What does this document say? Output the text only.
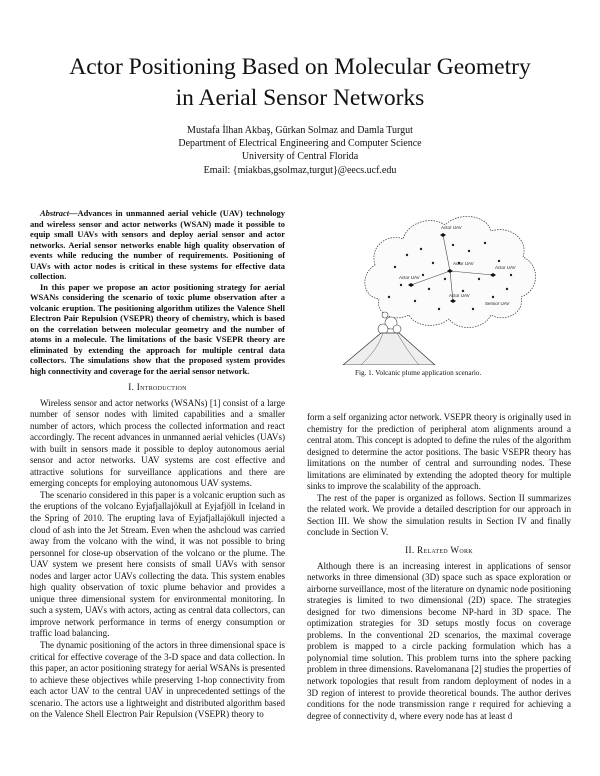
Actor Positioning Based on Molecular Geometry
in Aerial Sensor Networks
Mustafa İlhan Akbaş, Gürkan Solmaz and Damla Turgut
Department of Electrical Engineering and Computer Science
University of Central Florida
Email: {miakbas,gsolmaz,turgut}@eecs.ucf.edu

Abstract—Advances in unmanned aerial vehicle (UAV) technology and wireless sensor and actor networks (WSAN) made it possible to equip small UAVs with sensors and deploy aerial sensor and actor networks. Aerial sensor networks enable high quality observation of events while reducing the number of requirements. Positioning of UAVs with actor nodes is critical in these systems for effective data collection.

In this paper we propose an actor positioning strategy for aerial WSANs considering the scenario of toxic plume observation after a volcanic eruption. The positioning algorithm utilizes the Valence Shell Electron Pair Repulsion (VSEPR) theory of chemistry, which is based on the correlation between molecular geometry and the number of atoms in a molecule. The limitations of the basic VSEPR theory are eliminated by extending the approach for multiple central data collectors. The simulations show that the proposed system provides high connectivity and coverage for the aerial sensor network.

I. Introduction

Wireless sensor and actor networks (WSANs) [1] consist of a large number of sensor nodes with limited capabilities and a smaller number of actors, which process the collected information and react accordingly. The recent advances in unmanned aerial vehicles (UAVs) with built in sensors made it possible to deploy autonomous aerial sensor and actor networks. UAV systems are cost effective and attractive solutions for surveillance applications and there are emerging concepts for employing autonomous UAV systems.

The scenario considered in this paper is a volcanic eruption such as the eruptions of the volcano Eyjafjallajökull at Eyjafjöll in Iceland in the Spring of 2010. The erupting lava of Eyjafjallajökull injected a cloud of ash into the Jet Stream. Even when the ashcloud was carried away from the volcano with the wind, it was not possible to bring personnel for close-up observation of the volcano or the plume. The UAV system we present here consists of small UAVs with sensor nodes and larger actor UAVs collecting the data. This system enables high quality observation of toxic plume behavior and provides a unique three dimensional system for environmental monitoring. In such a system, UAVs with actors, acting as central data collectors, can improve network performance in terms of energy consumption or traffic load balancing.

The dynamic positioning of the actors in three dimensional space is critical for effective coverage of the 3-D space and data collection. In this paper, an actor positioning strategy for aerial WSANs is presented to achieve these objectives while preserving 1-hop connectivity from each actor UAV to the central UAV in unprecedented settings of the scenario. The actors use a lightweight and distributed algorithm based on the Valence Shell Electron Pair Repulsion (VSEPR) theory to

Actor UAV
Actor UAV
Actor UAV
Actor UAV
Actor UAV
Sensor UAV
Fig. 1. Volcanic plume application scenario.

form a self organizing actor network. VSEPR theory is originally used in chemistry for the prediction of peripheral atom alignments around a central atom. This concept is adopted to define the rules of the algorithm designed to determine the actor positions. The basic VSEPR theory has limitations on the number of central and surrounding nodes. These limitations are eliminated by extending the adopted theory for multiple sinks to improve the scalability of the approach.

The rest of the paper is organized as follows. Section II summarizes the related work. We provide a detailed description for our approach in Section III. We show the simulation results in Section IV and finally conclude in Section V.

II. Related Work

Although there is an increasing interest in applications of sensor networks in three dimensional (3D) space such as space exploration or airborne surveillance, most of the literature on dynamic node positioning strategies is limited to two dimensional (2D) space. The strategies designed for two dimensions become NP-hard in 3D space. The optimization strategies for 3D setups mostly focus on coverage problems. In the conventional 2D scenarios, the maximal coverage problem is mapped to a circle packing formulation which has a polynomial time solution. This problem turns into the sphere packing problem in three dimensions. Ravelomanana [2] studies the properties of network topologies that result from random deployment of nodes in a 3D region of interest to provide theoretical bounds. The author derives conditions for the node transmission range r required for achieving a degree of connectivity d, where every node has at least d
